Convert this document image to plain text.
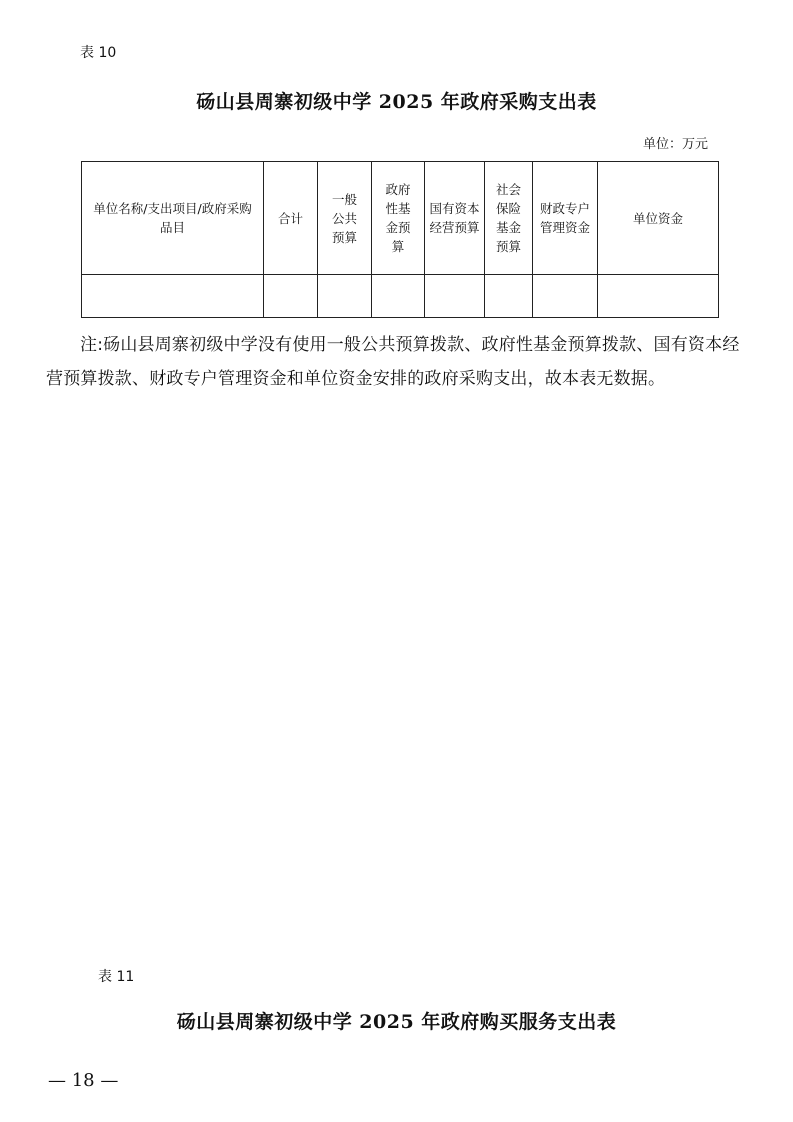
表 10
砀山县周寨初级中学 2025 年政府采购支出表
单位：万元
单位名称/支出项目/政府采购品目	合计	一般公共预算	政府性基金预算	国有资本经营预算	社会保险基金预算	财政专户管理资金	单位资金

注:砀山县周寨初级中学没有使用一般公共预算拨款、政府性基金预算拨款、国有资本经营预算拨款、财政专户管理资金和单位资金安排的政府采购支出，故本表无数据。
表 11
砀山县周寨初级中学 2025 年政府购买服务支出表
— 18 —
